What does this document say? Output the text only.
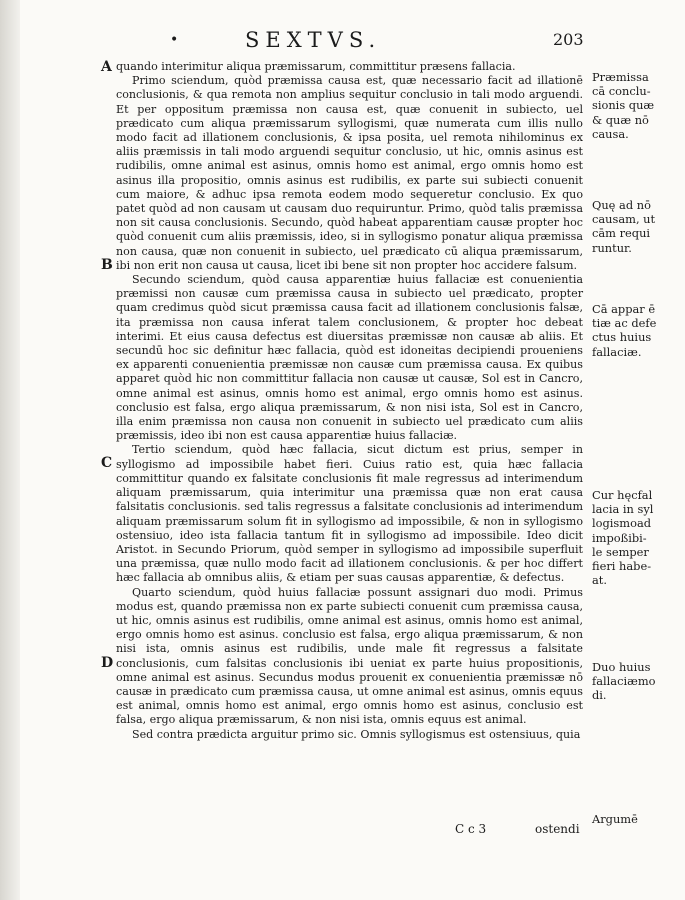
•	SEXTVS.	203
A
B
C
D

quando interimitur aliqua præmissarum, committitur præsens fallacia.

Primo sciendum, quòd præmissa causa est, quæ necessario facit ad illationē conclusionis, & qua remota non amplius sequitur conclusio in tali modo arguendi. Et per oppositum præmissa non causa est, quæ conuenit in subiecto, uel prædicato cum aliqua præmissarum syllogismi, quæ numerata cum illis nullo modo facit ad illationem conclusionis, & ipsa posita, uel remota nihilominus ex aliis præmissis in tali modo arguendi sequitur conclusio, ut hic, omnis asinus est rudibilis, omne animal est asinus, omnis homo est animal, ergo omnis homo est asinus illa propositio, omnis asinus est rudibilis, ex parte sui subiecti conuenit cum maiore, & adhuc ipsa remota eodem modo sequeretur conclusio. Ex quo patet quòd ad non causam ut causam duo requiruntur. Primo, quòd talis præmissa non sit causa conclusionis. Secundo, quòd habeat apparentiam causæ propter hoc quòd conuenit cum aliis præmissis, ideo, si in syllogismo ponatur aliqua præmissa non causa, quæ non conuenit in subiecto, uel prædicato cū aliqua præmissarum, ibi non erit non causa ut causa, licet ibi bene sit non propter hoc accidere falsum.

Secundo sciendum, quòd causa apparentiæ huius fallaciæ est conuenientia præmissi non causæ cum præmissa causa in subiecto uel prædicato, propter quam credimus quòd sicut præmissa causa facit ad illationem conclusionis falsæ, ita præmissa non causa inferat talem conclusionem, & propter hoc debeat interimi. Et eius causa defectus est diuersitas præmissæ non causæ ab aliis. Et secundū hoc sic definitur hæc fallacia, quòd est idoneitas decipiendi proueniens ex apparenti conuenientia præmissæ non causæ cum præmissa causa. Ex quibus apparet quòd hic non committitur fallacia non causæ ut causæ, Sol est in Cancro, omne animal est asinus, omnis homo est animal, ergo omnis homo est asinus. conclusio est falsa, ergo aliqua præmissarum, & non nisi ista, Sol est in Cancro, illa enim præmissa non causa non conuenit in subiecto uel prædicato cum aliis præmissis, ideo ibi non est causa apparentiæ huius fallaciæ.

Tertio sciendum, quòd hæc fallacia, sicut dictum est prius, semper in syllogismo ad impossibile habet fieri. Cuius ratio est, quia hæc fallacia committitur quando ex falsitate conclusionis fit male regressus ad interimendum aliquam præmissarum, quia interimitur una præmissa quæ non erat causa falsitatis conclusionis. sed talis regressus a falsitate conclusionis ad interimendum aliquam præmissarum solum fit in syllogismo ad impossibile, & non in syllogismo ostensiuo, ideo ista fallacia tantum fit in syllogismo ad impossibile. Ideo dicit Aristot. in Secundo Priorum, quòd semper in syllogismo ad impossibile superfluit una præmissa, quæ nullo modo facit ad illationem conclusionis. & per hoc differt hæc fallacia ab omnibus aliis, & etiam per suas causas apparentiæ, & defectus.

Quarto sciendum, quòd huius fallaciæ possunt assignari duo modi. Primus modus est, quando præmissa non ex parte subiecti conuenit cum præmissa causa, ut hic, omnis asinus est rudibilis, omne animal est asinus, omnis homo est animal, ergo omnis homo est asinus. conclusio est falsa, ergo aliqua præmissarum, & non nisi ista, omnis asinus est rudibilis, unde male fit regressus a falsitate conclusionis, cum falsitas conclusionis ibi ueniat ex parte huius propositionis, omne animal est asinus. Secundus modus prouenit ex conuenientia præmissæ nō causæ in prædicato cum præmissa causa, ut omne animal est asinus, omnis equus est animal, omnis homo est animal, ergo omnis homo est asinus, conclusio est falsa, ergo aliqua præmissarum, & non nisi ista, omnis equus est animal.

Sed contra prædicta arguitur primo sic. Omnis syllogismus est ostensiuus, quia

Præmissa
cā conclu-
sionis quæ
& quæ nō
causa.
Quę ad nō
causam, ut
cām requi
runtur.
Cā appar ē
tiæ ac defe
ctus huius
fallaciæ.
Cur hęcfal
lacia in syl
logismoad
impoßibi-
le semper
fieri habe-
at.
Duo huius
fallaciæmo
di.
Argumē
C c 3	ostendi
